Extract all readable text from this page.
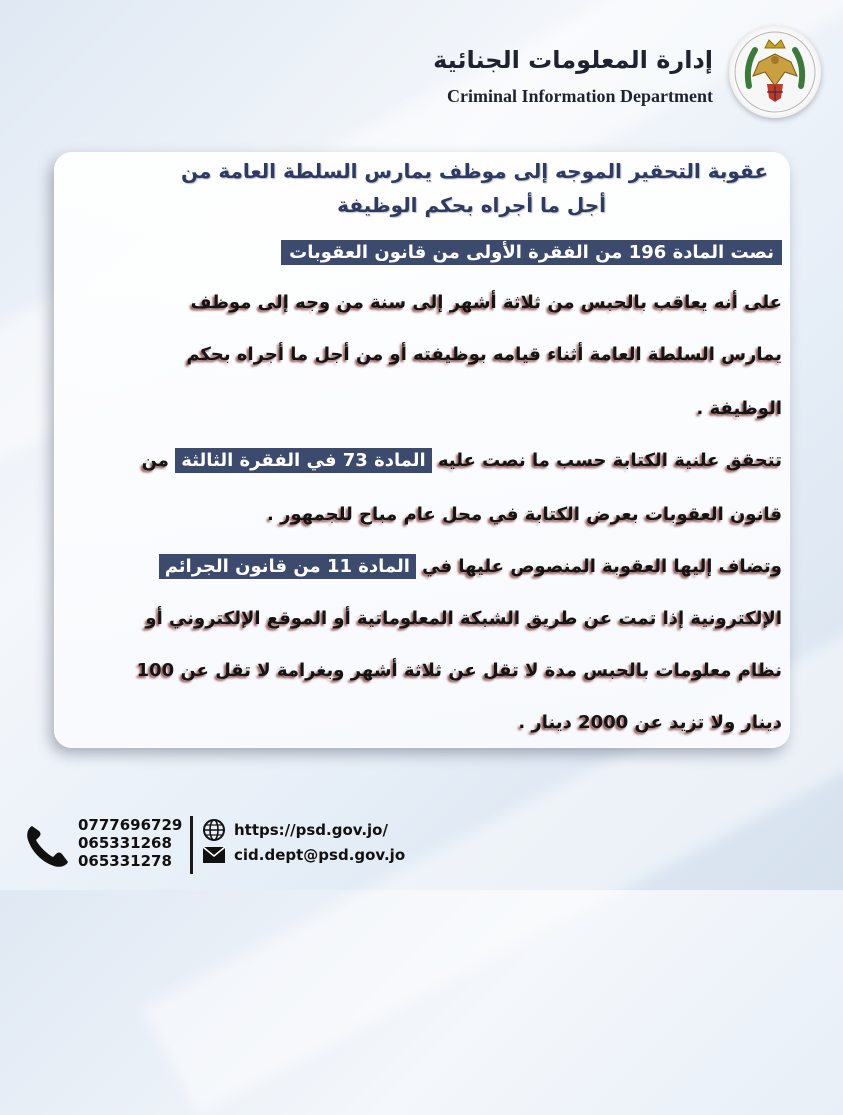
إدارة المعلومات الجنائية
Criminal Information Department
عقوبة التحقير الموجه إلى موظف يمارس السلطة العامة من
أجل ما أجراه بحكم الوظيفة
نصت المادة 196 من الفقرة الأولى من قانون العقوبات
على أنه يعاقب بالحبس من ثلاثة أشهر إلى سنة من وجه إلى موظف
يمارس السلطة العامة أثناء قيامه بوظيفته أو من أجل ما أجراه بحكم
الوظيفة .
تتحقق علنية الكتابة حسب ما نصت عليه المادة 73 في الفقرة الثالثة من
قانون العقوبات بعرض الكتابة في محل عام مباح للجمهور .
وتضاف إليها العقوبة المنصوص عليها في المادة 11 من قانون الجرائم
الإلكترونية إذا تمت عن طريق الشبكة المعلوماتية أو الموقع الإلكتروني أو
نظام معلومات بالحبس مدة لا تقل عن ثلاثة أشهر وبغرامة لا تقل عن 100
دينار ولا تزيد عن 2000 دينار .
0777696729
065331268
065331278
https://psd.gov.jo/
cid.dept@psd.gov.jo
